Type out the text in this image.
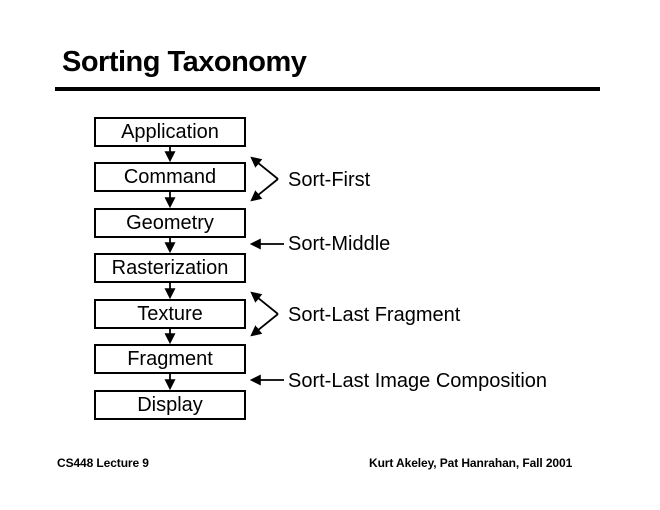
Sorting Taxonomy
Application
Command
Geometry
Rasterization
Texture
Fragment
Display
Sort-First
Sort-Middle
Sort-Last Fragment
Sort-Last Image Composition
CS448 Lecture 9	Kurt Akeley, Pat Hanrahan, Fall 2001
